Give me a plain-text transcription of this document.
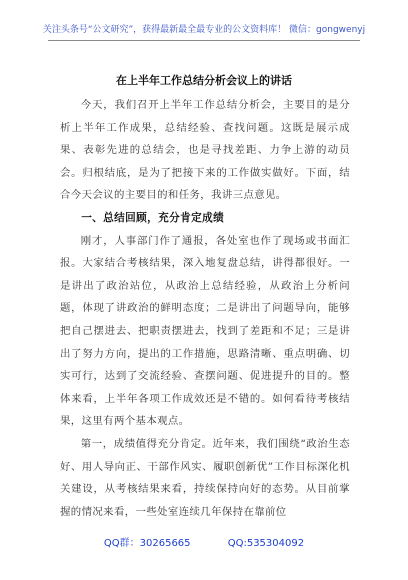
关注头条号“公文研究”，获得最新最全最专业的公文资料库！ 微信：gongwenyj
在上半年工作总结分析会议上的讲话

今天，我们召开上半年工作总结分析会，主要目的是分析上半年工作成果，总结经验、查找问题。这既是展示成果、表彰先进的总结会，也是寻找差距、力争上游的动员会。归根结底，是为了把接下来的工作做实做好。下面，结合今天会议的主要目的和任务，我讲三点意见。

一、总结回顾，充分肯定成绩

刚才，人事部门作了通报，各处室也作了现场或书面汇报。大家结合考核结果，深入地复盘总结，讲得都很好。一是讲出了政治站位，从政治上总结经验，从政治上分析问题，体现了讲政治的鲜明态度；二是讲出了问题导向，能够把自己摆进去、把职责摆进去，找到了差距和不足；三是讲出了努力方向，提出的工作措施，思路清晰、重点明确、切实可行，达到了交流经验、查摆问题、促进提升的目的。整体来看，上半年各项工作成效还是不错的。如何看待考核结果，这里有两个基本观点。

第一，成绩值得充分肯定。近年来，我们围绕“政治生态好、用人导向正、干部作风实、履职创新优”工作目标深化机关建设，从考核结果来看，持续保持向好的态势。从目前掌握的情况来看，一些处室连续几年保持在靠前位

QQ群：30265665	QQ:535304092
